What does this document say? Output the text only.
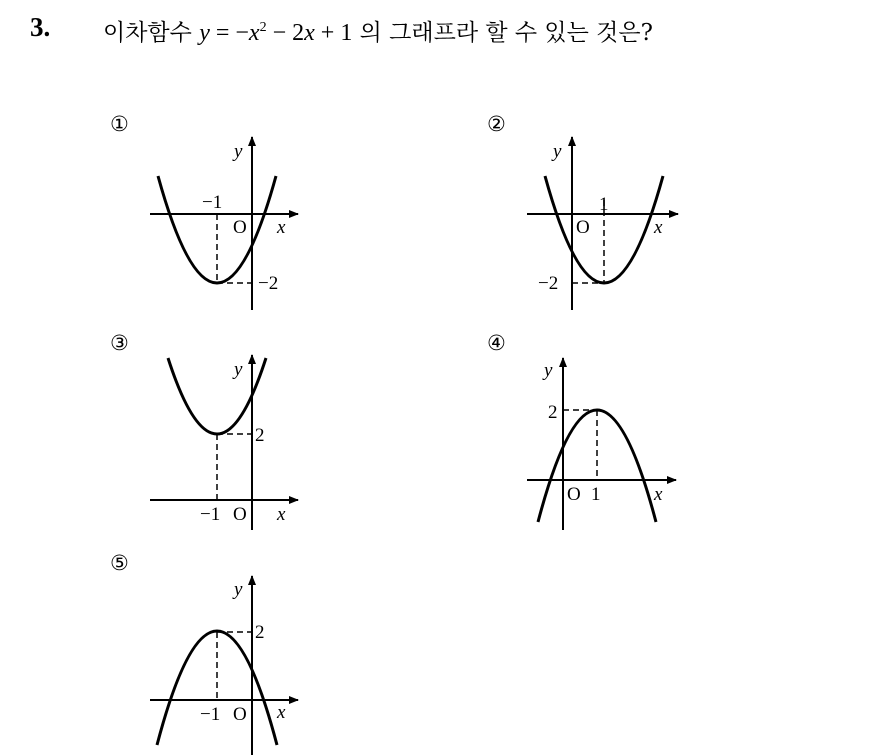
3. 이차함수 $y = -x^2 - 2x + 1$ 의 그래프라 할 수 있는 것은?
①	②
③	④
⑤
y
x
O
−1
−2
y
x
O
1
−2
y
x
O
2
−1
y
x
O
2
1
y
x
O
2
−1
